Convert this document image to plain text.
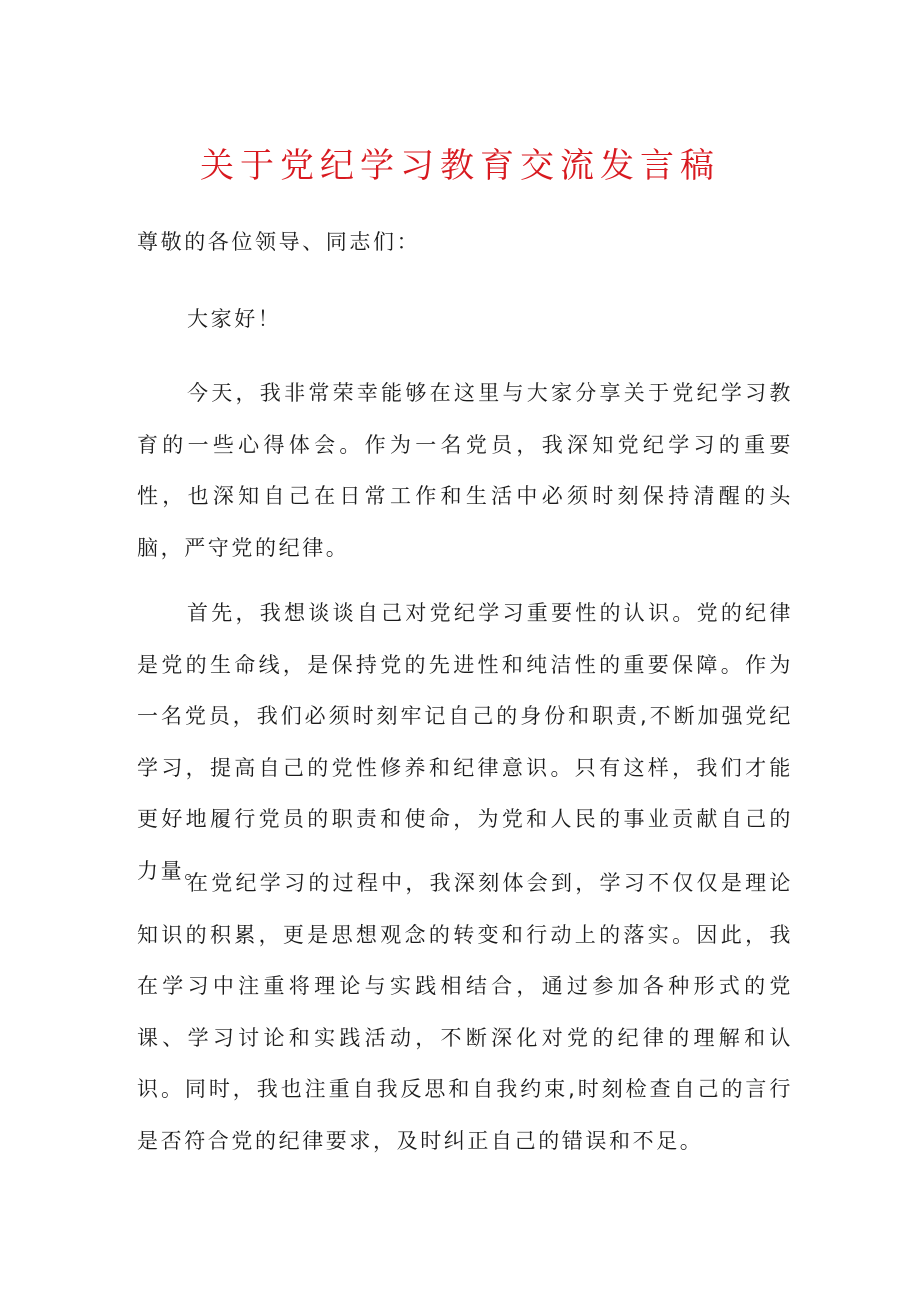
关于党纪学习教育交流发言稿

尊敬的各位领导、同志们：

大家好！

今天，我非常荣幸能够在这里与大家分享关于党纪学习教育的一些心得体会。作为一名党员，我深知党纪学习的重要性，也深知自己在日常工作和生活中必须时刻保持清醒的头脑，严守党的纪律。

首先，我想谈谈自己对党纪学习重要性的认识。党的纪律是党的生命线，是保持党的先进性和纯洁性的重要保障。作为一名党员，我们必须时刻牢记自己的身份和职责,不断加强党纪学习，提高自己的党性修养和纪律意识。只有这样，我们才能更好地履行党员的职责和使命，为党和人民的事业贡献自己的力量。

在党纪学习的过程中，我深刻体会到，学习不仅仅是理论知识的积累，更是思想观念的转变和行动上的落实。因此，我在学习中注重将理论与实践相结合，通过参加各种形式的党课、学习讨论和实践活动，不断深化对党的纪律的理解和认识。同时，我也注重自我反思和自我约束,时刻检查自己的言行是否符合党的纪律要求，及时纠正自己的错误和不足。
